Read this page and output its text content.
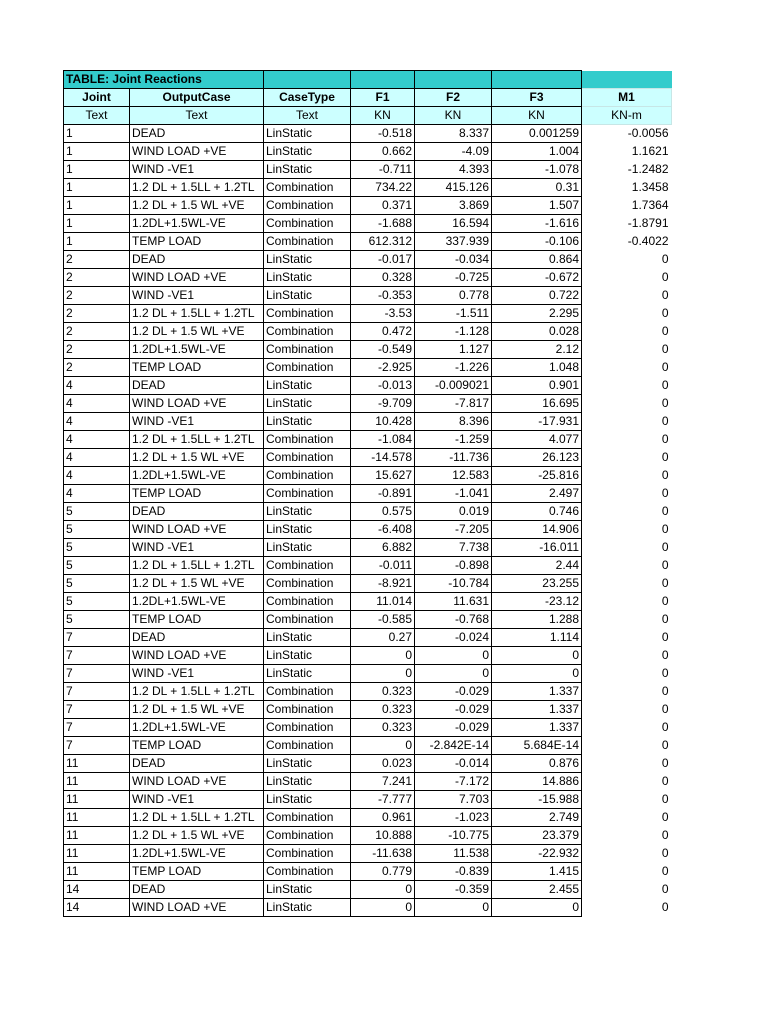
TABLE: Joint Reactions						
Joint	OutputCase	CaseType	F1	F2	F3	M1
Text	Text	Text	KN	KN	KN	KN-m
1	DEAD	LinStatic	-0.518	8.337	0.001259	-0.0056
1	WIND LOAD +VE	LinStatic	0.662	-4.09	1.004	1.1621
1	WIND -VE1	LinStatic	-0.711	4.393	-1.078	-1.2482
1	1.2 DL + 1.5LL + 1.2TL	Combination	734.22	415.126	0.31	1.3458
1	1.2 DL + 1.5 WL +VE	Combination	0.371	3.869	1.507	1.7364
1	1.2DL+1.5WL-VE	Combination	-1.688	16.594	-1.616	-1.8791
1	TEMP LOAD	Combination	612.312	337.939	-0.106	-0.4022
2	DEAD	LinStatic	-0.017	-0.034	0.864	0
2	WIND LOAD +VE	LinStatic	0.328	-0.725	-0.672	0
2	WIND -VE1	LinStatic	-0.353	0.778	0.722	0
2	1.2 DL + 1.5LL + 1.2TL	Combination	-3.53	-1.511	2.295	0
2	1.2 DL + 1.5 WL +VE	Combination	0.472	-1.128	0.028	0
2	1.2DL+1.5WL-VE	Combination	-0.549	1.127	2.12	0
2	TEMP LOAD	Combination	-2.925	-1.226	1.048	0
4	DEAD	LinStatic	-0.013	-0.009021	0.901	0
4	WIND LOAD +VE	LinStatic	-9.709	-7.817	16.695	0
4	WIND -VE1	LinStatic	10.428	8.396	-17.931	0
4	1.2 DL + 1.5LL + 1.2TL	Combination	-1.084	-1.259	4.077	0
4	1.2 DL + 1.5 WL +VE	Combination	-14.578	-11.736	26.123	0
4	1.2DL+1.5WL-VE	Combination	15.627	12.583	-25.816	0
4	TEMP LOAD	Combination	-0.891	-1.041	2.497	0
5	DEAD	LinStatic	0.575	0.019	0.746	0
5	WIND LOAD +VE	LinStatic	-6.408	-7.205	14.906	0
5	WIND -VE1	LinStatic	6.882	7.738	-16.011	0
5	1.2 DL + 1.5LL + 1.2TL	Combination	-0.011	-0.898	2.44	0
5	1.2 DL + 1.5 WL +VE	Combination	-8.921	-10.784	23.255	0
5	1.2DL+1.5WL-VE	Combination	11.014	11.631	-23.12	0
5	TEMP LOAD	Combination	-0.585	-0.768	1.288	0
7	DEAD	LinStatic	0.27	-0.024	1.114	0
7	WIND LOAD +VE	LinStatic	0	0	0	0
7	WIND -VE1	LinStatic	0	0	0	0
7	1.2 DL + 1.5LL + 1.2TL	Combination	0.323	-0.029	1.337	0
7	1.2 DL + 1.5 WL +VE	Combination	0.323	-0.029	1.337	0
7	1.2DL+1.5WL-VE	Combination	0.323	-0.029	1.337	0
7	TEMP LOAD	Combination	0	-2.842E-14	5.684E-14	0
11	DEAD	LinStatic	0.023	-0.014	0.876	0
11	WIND LOAD +VE	LinStatic	7.241	-7.172	14.886	0
11	WIND -VE1	LinStatic	-7.777	7.703	-15.988	0
11	1.2 DL + 1.5LL + 1.2TL	Combination	0.961	-1.023	2.749	0
11	1.2 DL + 1.5 WL +VE	Combination	10.888	-10.775	23.379	0
11	1.2DL+1.5WL-VE	Combination	-11.638	11.538	-22.932	0
11	TEMP LOAD	Combination	0.779	-0.839	1.415	0
14	DEAD	LinStatic	0	-0.359	2.455	0
14	WIND LOAD +VE	LinStatic	0	0	0	0
